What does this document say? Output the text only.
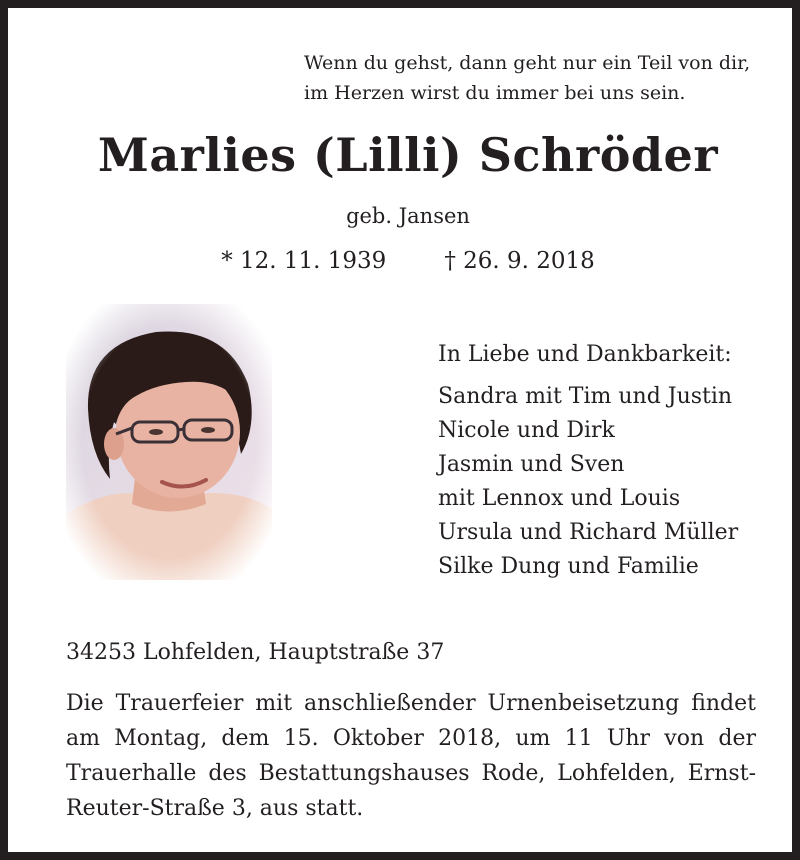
Wenn du gehst, dann geht nur ein Teil von dir,
im Herzen wirst du immer bei uns sein.
Marlies (Lilli) Schröder
geb. Jansen
* 12. 11. 1939	† 26. 9. 2018
In Liebe und Dankbarkeit:
Sandra mit Tim und Justin
Nicole und Dirk
Jasmin und Sven
mit Lennox und Louis
Ursula und Richard Müller
Silke Dung und Familie
34253 Lohfelden, Hauptstraße 37
Die Trauerfeier mit anschließender Urnenbeisetzung findet
am Montag, dem 15. Oktober 2018, um 11 Uhr von der
Trauerhalle des Bestattungshauses Rode, Lohfelden, Ernst-
Reuter-Straße 3, aus statt.
